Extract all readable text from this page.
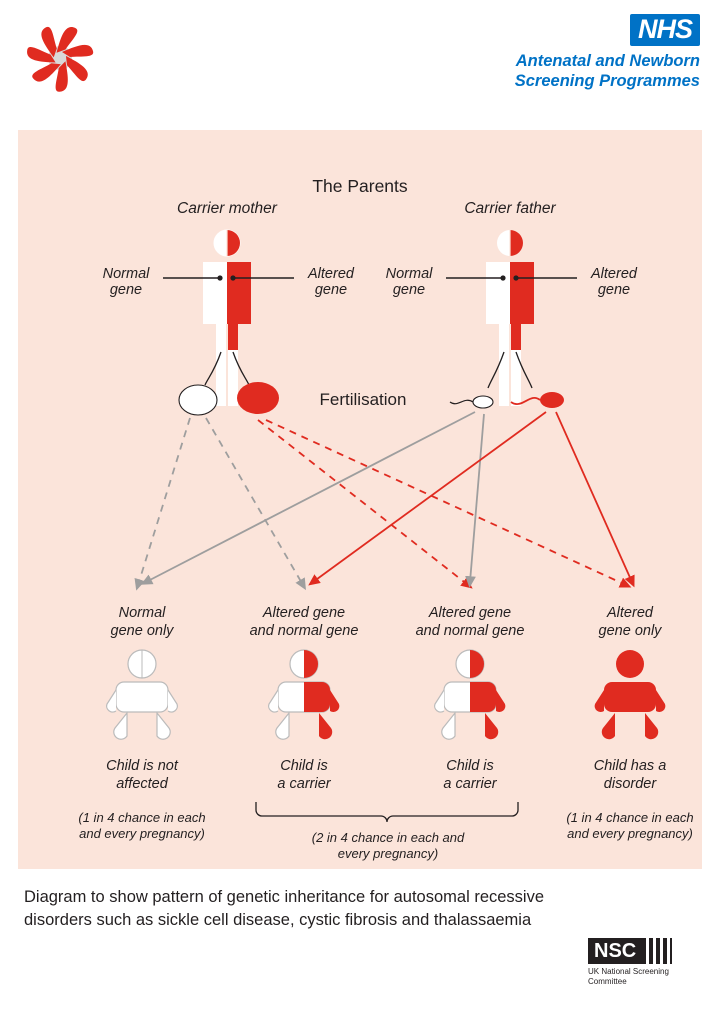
NHS
Antenatal and Newborn
Screening Programmes
The Parents
Carrier mother
Normal
gene
Altered
gene
Carrier father
Normal
gene
Altered
gene
Fertilisation
Normal
gene only
Child is not
affected
(1 in 4 chance in each
and every pregnancy)
Altered gene
and normal gene
Child is
a carrier
Altered gene
and normal gene
Child is
a carrier
Altered
gene only
Child has a
disorder
(1 in 4 chance in each
and every pregnancy)
(2 in 4 chance in each and
every pregnancy)
Diagram to show pattern of genetic inheritance for autosomal recessive
disorders such as sickle cell disease, cystic fibrosis and thalassaemia
NSC
UK National Screening
Committee
